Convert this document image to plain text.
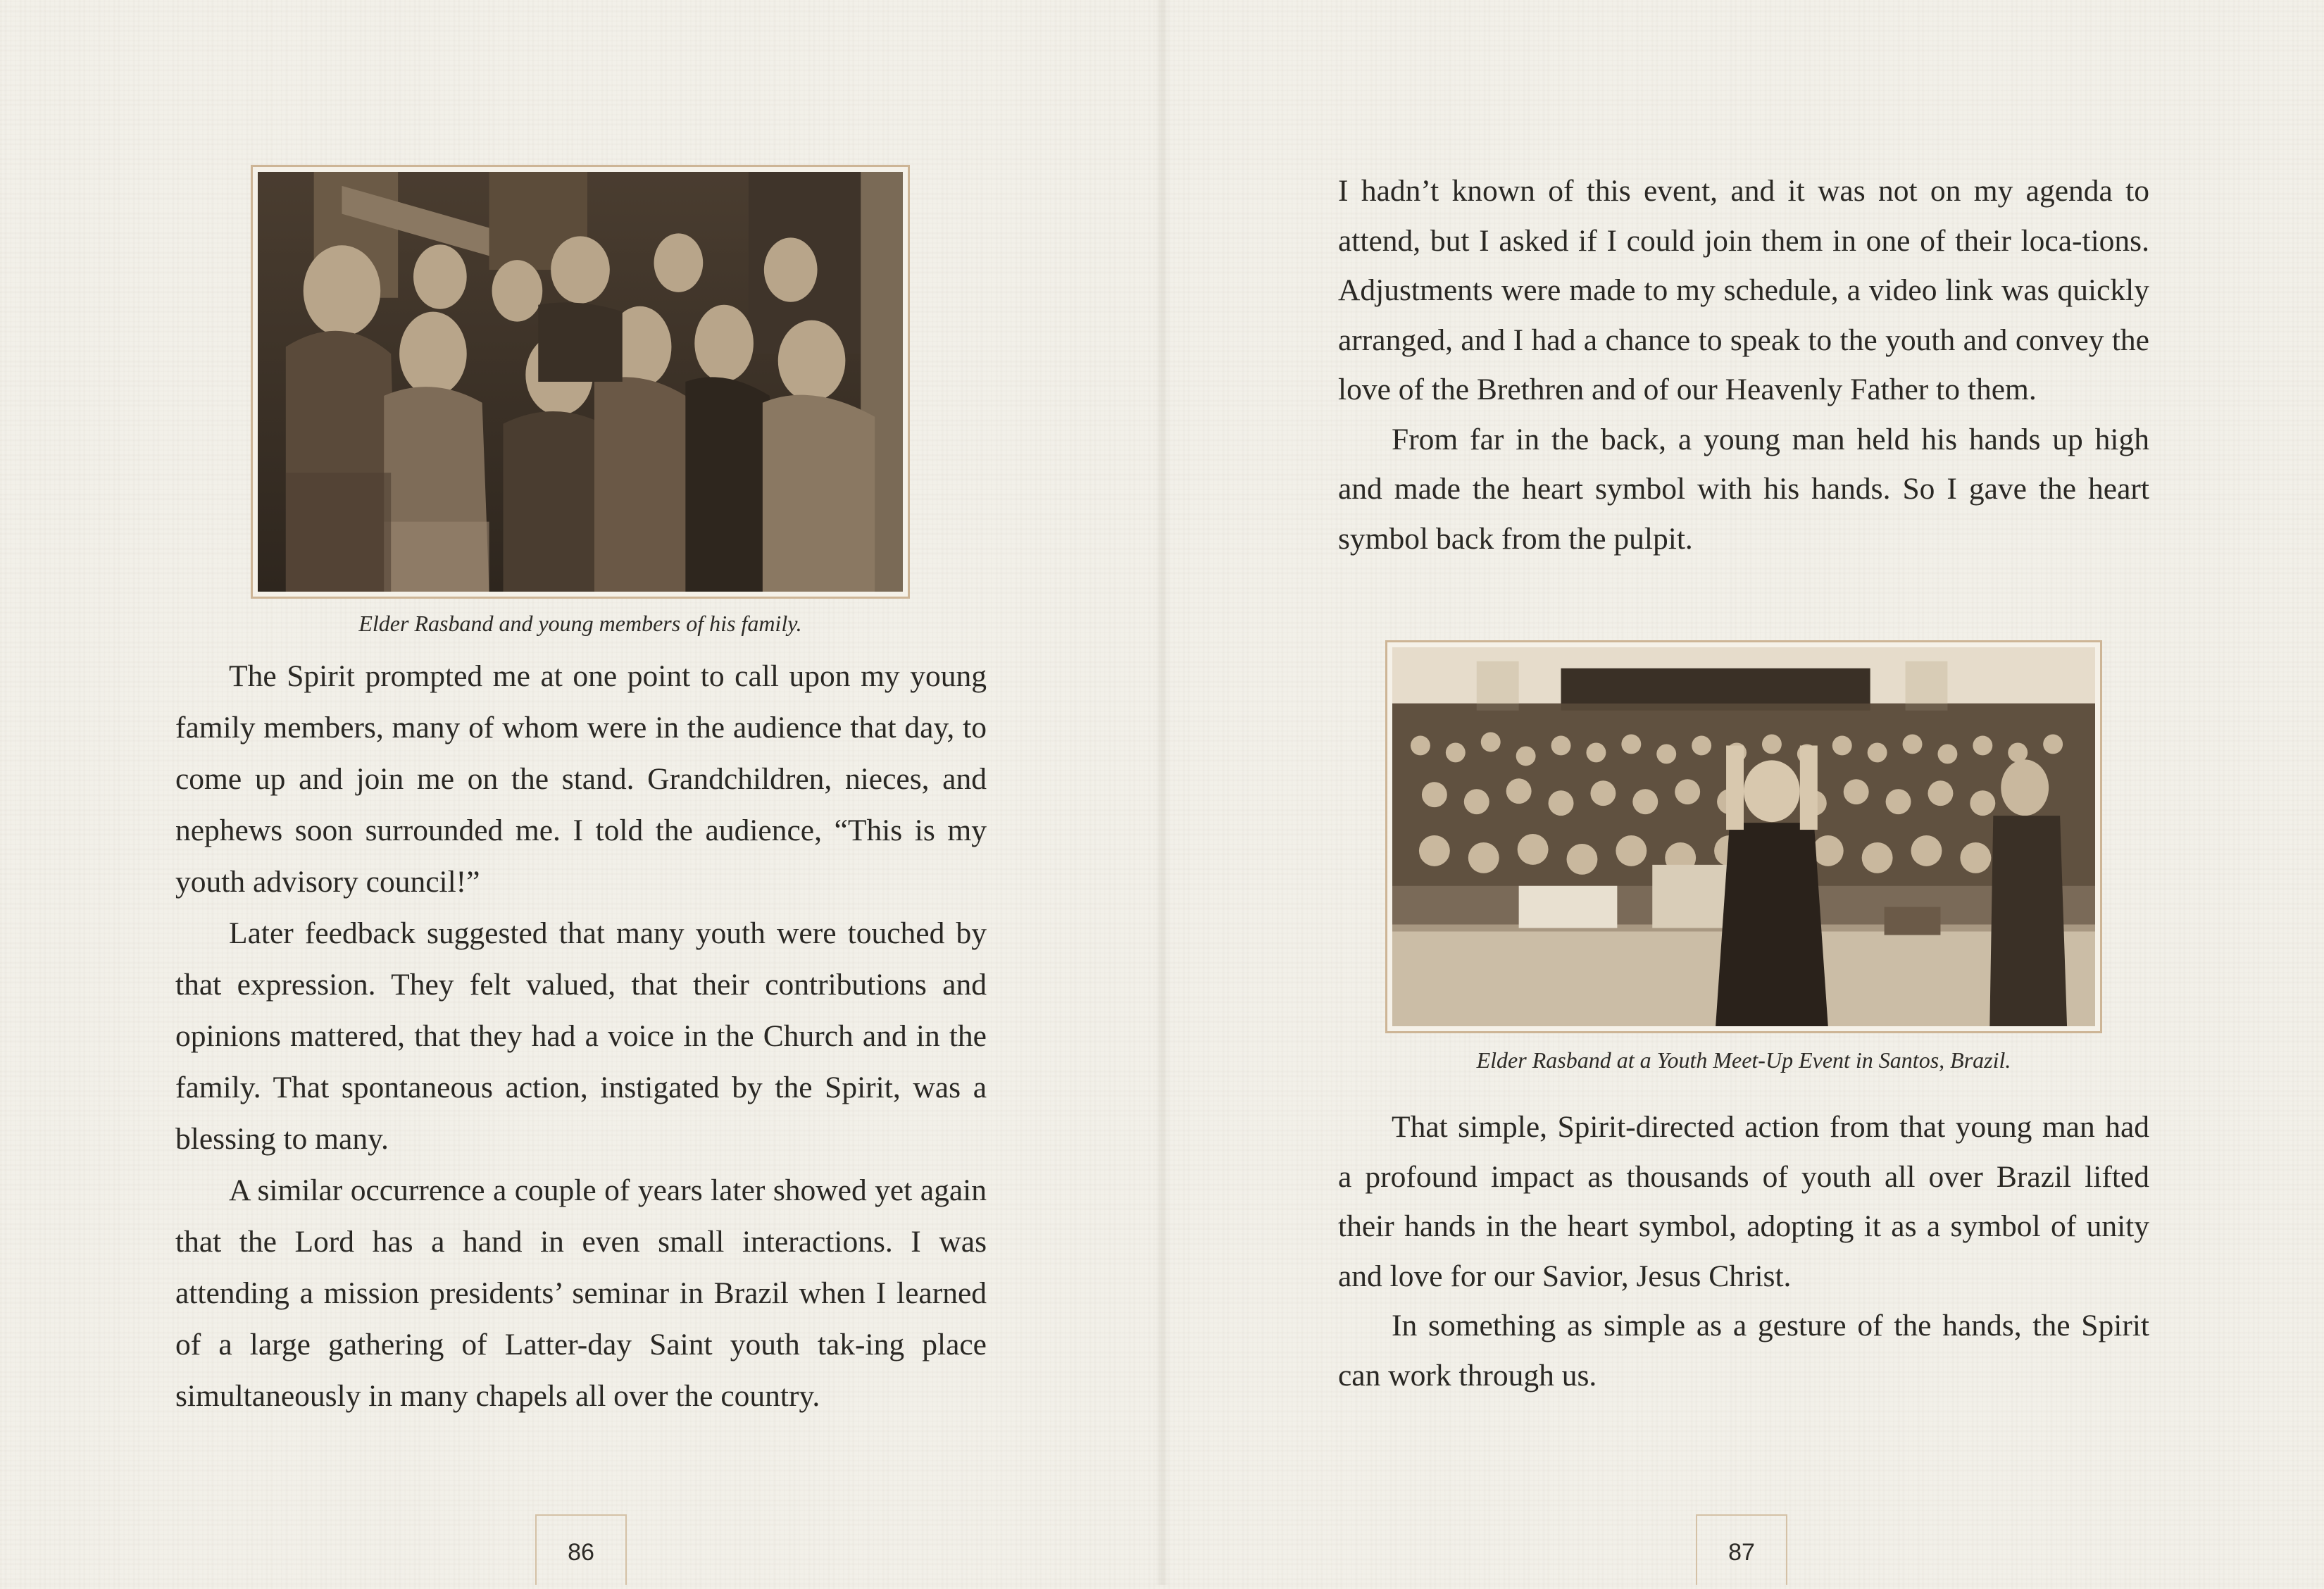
Elder Rasband and young members of his family.

The Spirit prompted me at one point to call upon my young family members, many of whom were in the audience that day, to come up and join me on the stand. Grandchildren, nieces, and nephews soon surrounded me. I told the audience, “This is my youth advisory council!”

Later feedback suggested that many youth were touched by that expression. They felt valued, that their contributions and opinions mattered, that they had a voice in the Church and in the family. That spontaneous action, instigated by the Spirit, was a blessing to many.

A similar occurrence a couple of years later showed yet again that the Lord has a hand in even small interactions. I was attending a mission presidents’ seminar in Brazil when I learned of a large gathering of Latter-day Saint youth tak-ing place simultaneously in many chapels all over the country.

86

I hadn’t known of this event, and it was not on my agenda to attend, but I asked if I could join them in one of their loca-tions. Adjustments were made to my schedule, a video link was quickly arranged, and I had a chance to speak to the youth and convey the love of the Brethren and of our Heavenly Father to them.

From far in the back, a young man held his hands up high and made the heart symbol with his hands. So I gave the heart symbol back from the pulpit.

Elder Rasband at a Youth Meet-Up Event in Santos, Brazil.

That simple, Spirit-directed action from that young man had a profound impact as thousands of youth all over Brazil lifted their hands in the heart symbol, adopting it as a symbol of unity and love for our Savior, Jesus Christ.

In something as simple as a gesture of the hands, the Spirit can work through us.

87
